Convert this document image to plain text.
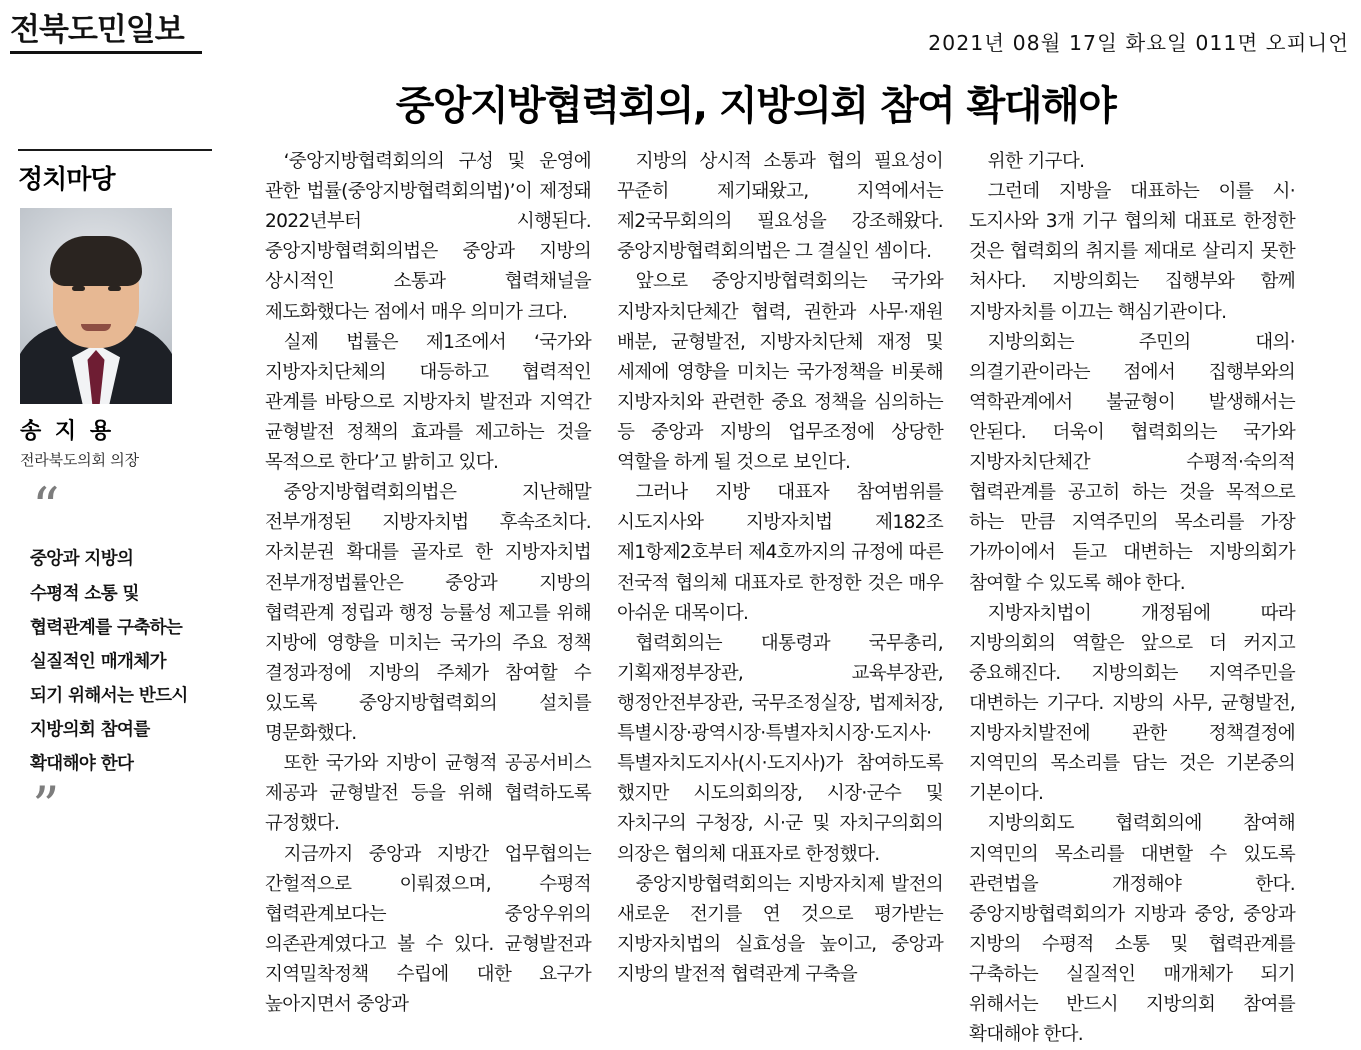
전북도민일보	2021년 08월 17일 화요일 011면 오피니언
중앙지방협력회의, 지방의회 참여 확대해야
정치마당
송 지 용
전라북도의회 의장
“
중앙과 지방의
수평적 소통 및
협력관계를 구축하는
실질적인 매개체가
되기 위해서는 반드시
지방의회 참여를
확대해야 한다
”

‘중앙지방협력회의의 구성 및 운영에 관한 법률(중앙지방협력회의법)’이 제정돼 2022년부터 시행된다. 중앙지방협력회의법은 중앙과 지방의 상시적인 소통과 협력채널을 제도화했다는 점에서 매우 의미가 크다.

실제 법률은 제1조에서 ‘국가와 지방자치단체의 대등하고 협력적인 관계를 바탕으로 지방자치 발전과 지역간 균형발전 정책의 효과를 제고하는 것을 목적으로 한다’고 밝히고 있다.

중앙지방협력회의법은 지난해말 전부개정된 지방자치법 후속조치다. 자치분권 확대를 골자로 한 지방자치법 전부개정법률안은 중앙과 지방의 협력관계 정립과 행정 능률성 제고를 위해 지방에 영향을 미치는 국가의 주요 정책 결정과정에 지방의 주체가 참여할 수 있도록 중앙지방협력회의 설치를 명문화했다.

또한 국가와 지방이 균형적 공공서비스 제공과 균형발전 등을 위해 협력하도록 규정했다.

지금까지 중앙과 지방간 업무협의는 간헐적으로 이뤄졌으며, 수평적 협력관계보다는 중앙우위의 의존관계였다고 볼 수 있다. 균형발전과 지역밀착정책 수립에 대한 요구가 높아지면서 중앙과

지방의 상시적 소통과 협의 필요성이 꾸준히 제기돼왔고, 지역에서는 제2국무회의의 필요성을 강조해왔다. 중앙지방협력회의법은 그 결실인 셈이다.

앞으로 중앙지방협력회의는 국가와 지방자치단체간 협력, 권한과 사무·재원 배분, 균형발전, 지방자치단체 재정 및 세제에 영향을 미치는 국가정책을 비롯해 지방자치와 관련한 중요 정책을 심의하는 등 중앙과 지방의 업무조정에 상당한 역할을 하게 될 것으로 보인다.

그러나 지방 대표자 참여범위를 시도지사와 지방자치법 제182조 제1항제2호부터 제4호까지의 규정에 따른 전국적 협의체 대표자로 한정한 것은 매우 아쉬운 대목이다.

협력회의는 대통령과 국무총리, 기획재정부장관, 교육부장관, 행정안전부장관, 국무조정실장, 법제처장, 특별시장·광역시장·특별자치시장·도지사·특별자치도지사(시·도지사)가 참여하도록 했지만 시도의회의장, 시장·군수 및 자치구의 구청장, 시·군 및 자치구의회의 의장은 협의체 대표자로 한정했다.

중앙지방협력회의는 지방자치제 발전의 새로운 전기를 연 것으로 평가받는 지방자치법의 실효성을 높이고, 중앙과 지방의 발전적 협력관계 구축을

위한 기구다.

그런데 지방을 대표하는 이를 시·도지사와 3개 기구 협의체 대표로 한정한 것은 협력회의 취지를 제대로 살리지 못한 처사다. 지방의회는 집행부와 함께 지방자치를 이끄는 핵심기관이다.

지방의회는 주민의 대의·의결기관이라는 점에서 집행부와의 역학관계에서 불균형이 발생해서는 안된다. 더욱이 협력회의는 국가와 지방자치단체간 수평적·숙의적 협력관계를 공고히 하는 것을 목적으로 하는 만큼 지역주민의 목소리를 가장 가까이에서 듣고 대변하는 지방의회가 참여할 수 있도록 해야 한다.

지방자치법이 개정됨에 따라 지방의회의 역할은 앞으로 더 커지고 중요해진다. 지방의회는 지역주민을 대변하는 기구다. 지방의 사무, 균형발전, 지방자치발전에 관한 정책결정에 지역민의 목소리를 담는 것은 기본중의 기본이다.

지방의회도 협력회의에 참여해 지역민의 목소리를 대변할 수 있도록 관련법을 개정해야 한다. 중앙지방협력회의가 지방과 중앙, 중앙과 지방의 수평적 소통 및 협력관계를 구축하는 실질적인 매개체가 되기 위해서는 반드시 지방의회 참여를 확대해야 한다.
